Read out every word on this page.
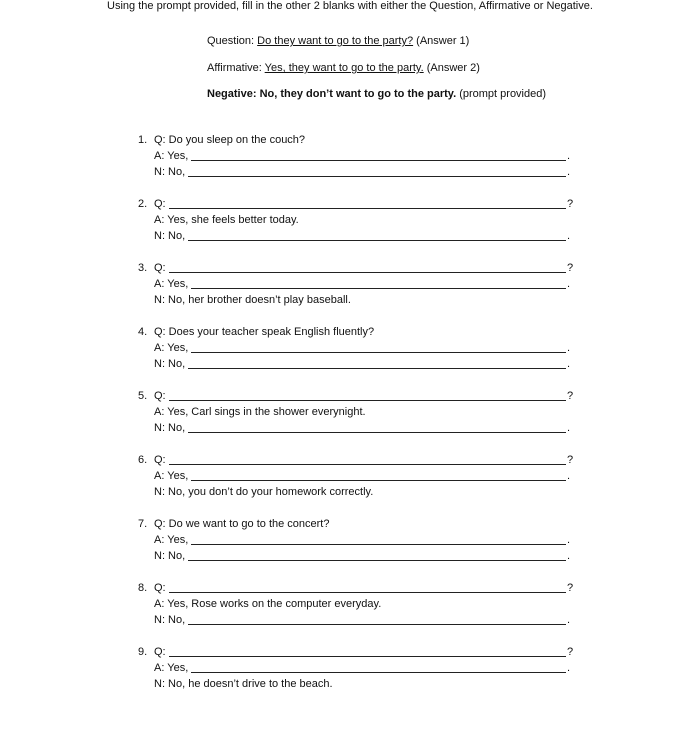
Using the prompt provided, fill in the other 2 blanks with either the Question, Affirmative or Negative.
Question: Do they want to go to the party? (Answer 1)
Affirmative: Yes, they want to go to the party. (Answer 2)
Negative: No, they don’t want to go to the party. (prompt provided)
1. Q: Do you sleep on the couch?
A: Yes,	.
N: No,	.
2. Q:	?
A: Yes, she feels better today.
N: No,	.
3. Q:	?
A: Yes,	.
N: No, her brother doesn’t play baseball.
4. Q: Does your teacher speak English fluently?
A: Yes,	.
N: No,	.
5. Q:	?
A: Yes, Carl sings in the shower everynight.
N: No,	.
6. Q:	?
A: Yes,	.
N: No, you don’t do your homework correctly.
7. Q: Do we want to go to the concert?
A: Yes,	.
N: No,	.
8. Q:	?
A: Yes, Rose works on the computer everyday.
N: No,	.
9. Q:	?
A: Yes,	.
N: No, he doesn’t drive to the beach.
